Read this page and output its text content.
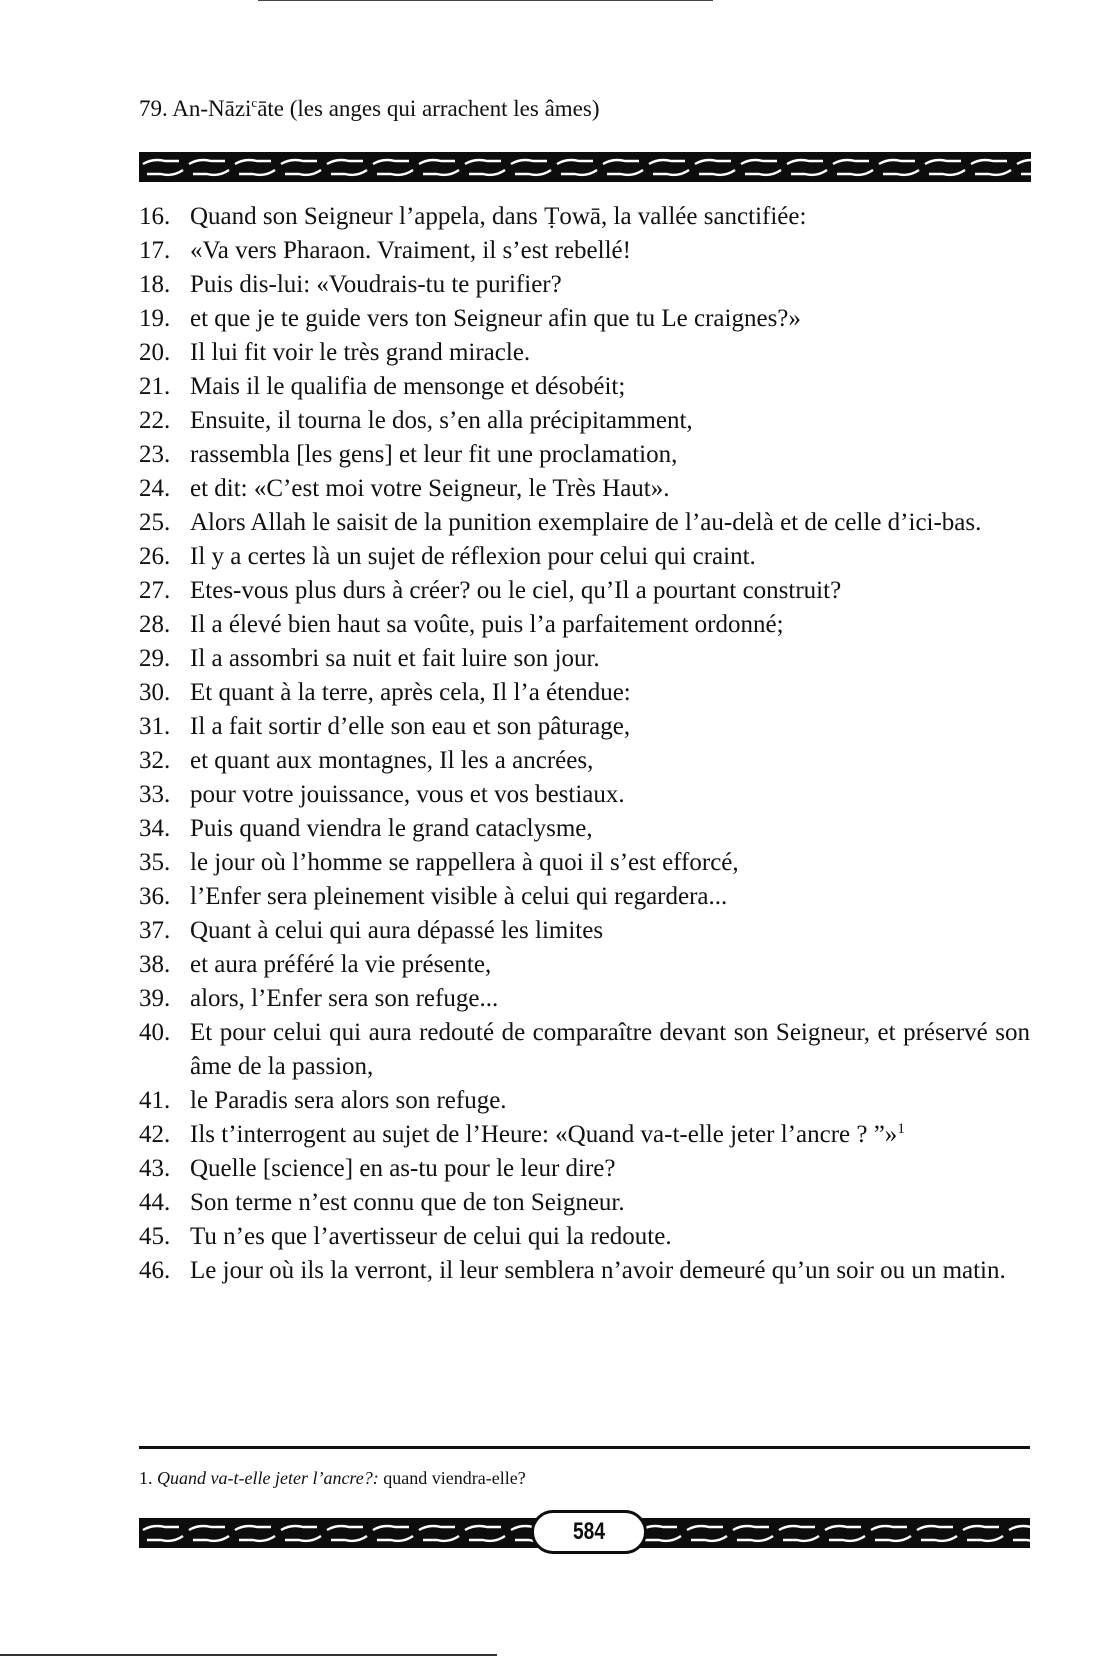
79. An-Nāzi$^c$āte (les anges qui arrachent les âmes)
16. Quand son Seigneur l’appela, dans Ṭowā, la vallée sanctifiée:
17. «Va vers Pharaon. Vraiment, il s’est rebellé!
18. Puis dis-lui: «Voudrais-tu te purifier?
19. et que je te guide vers ton Seigneur afin que tu Le craignes?»
20. Il lui fit voir le très grand miracle.
21. Mais il le qualifia de mensonge et désobéit;
22. Ensuite, il tourna le dos, s’en alla précipitamment,
23. rassembla [les gens] et leur fit une proclamation,
24. et dit: «C’est moi votre Seigneur, le Très Haut».
25. Alors Allah le saisit de la punition exemplaire de l’au-delà et de celle d’ici-bas.
26. Il y a certes là un sujet de réflexion pour celui qui craint.
27. Etes-vous plus durs à créer? ou le ciel, qu’Il a pourtant construit?
28. Il a élevé bien haut sa voûte, puis l’a parfaitement ordonné;
29. Il a assombri sa nuit et fait luire son jour.
30. Et quant à la terre, après cela, Il l’a étendue:
31. Il a fait sortir d’elle son eau et son pâturage,
32. et quant aux montagnes, Il les a ancrées,
33. pour votre jouissance, vous et vos bestiaux.
34. Puis quand viendra le grand cataclysme,
35. le jour où l’homme se rappellera à quoi il s’est efforcé,
36. l’Enfer sera pleinement visible à celui qui regardera...
37. Quant à celui qui aura dépassé les limites
38. et aura préféré la vie présente,
39. alors, l’Enfer sera son refuge...
40. Et pour celui qui aura redouté de comparaître devant son Seigneur, et préservé son âme de la passion,
41. le Paradis sera alors son refuge.
42. Ils t’interrogent au sujet de l’Heure: «Quand va-t-elle jeter l’ancre ? ”»$^1$
43. Quelle [science] en as-tu pour le leur dire?
44. Son terme n’est connu que de ton Seigneur.
45. Tu n’es que l’avertisseur de celui qui la redoute.
46. Le jour où ils la verront, il leur semblera n’avoir demeuré qu’un soir ou un matin.
1. Quand va-t-elle jeter l’ancre?: quand viendra-elle?
584
